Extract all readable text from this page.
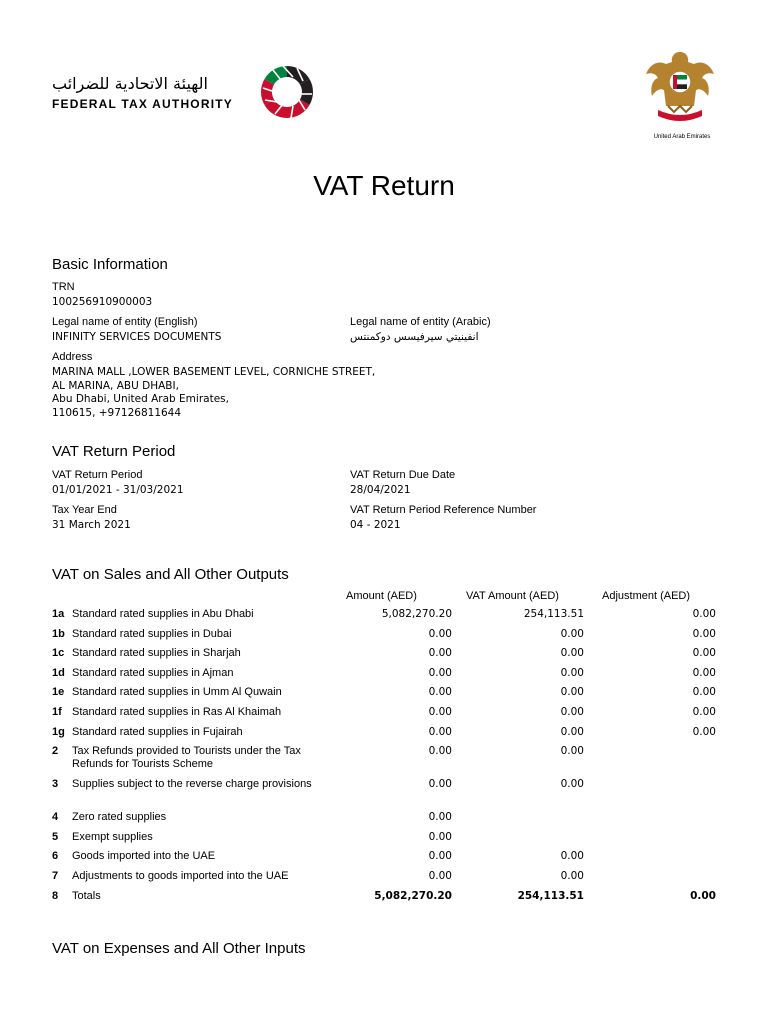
الهيئة الاتحادية للضرائب
FEDERAL TAX AUTHORITY
United Arab Emirates
VAT Return
Basic Information
TRN
100256910900003
Legal name of entity (English)
INFINITY SERVICES DOCUMENTS
Legal name of entity (Arabic)
انفينيتي سيرفيسس دوكمنتس
Address
MARINA MALL ,LOWER BASEMENT LEVEL, CORNICHE STREET,
AL MARINA, ABU DHABI,
Abu Dhabi, United Arab Emirates,
110615, +97126811644
VAT Return Period
VAT Return Period
01/01/2021 - 31/03/2021
VAT Return Due Date
28/04/2021
Tax Year End
31 March 2021
VAT Return Period Reference Number
04 - 2021
VAT on Sales and All Other Outputs
Amount (AED)	VAT Amount (AED)	Adjustment (AED)
1a Standard rated supplies in Abu Dhabi	5,082,270.20	254,113.51	0.00
1b Standard rated supplies in Dubai	0.00	0.00	0.00
1c Standard rated supplies in Sharjah	0.00	0.00	0.00
1d Standard rated supplies in Ajman	0.00	0.00	0.00
1e Standard rated supplies in Umm Al Quwain	0.00	0.00	0.00
1f Standard rated supplies in Ras Al Khaimah	0.00	0.00	0.00
1g Standard rated supplies in Fujairah	0.00	0.00	0.00
2 Tax Refunds provided to Tourists under the Tax Refunds for Tourists Scheme
0.00	0.00
3 Supplies subject to the reverse charge provisions	0.00	0.00
4 Zero rated supplies	0.00
5 Exempt supplies	0.00
6 Goods imported into the UAE	0.00	0.00
7 Adjustments to goods imported into the UAE	0.00	0.00
8 Totals	5,082,270.20	254,113.51	0.00
VAT on Expenses and All Other Inputs
